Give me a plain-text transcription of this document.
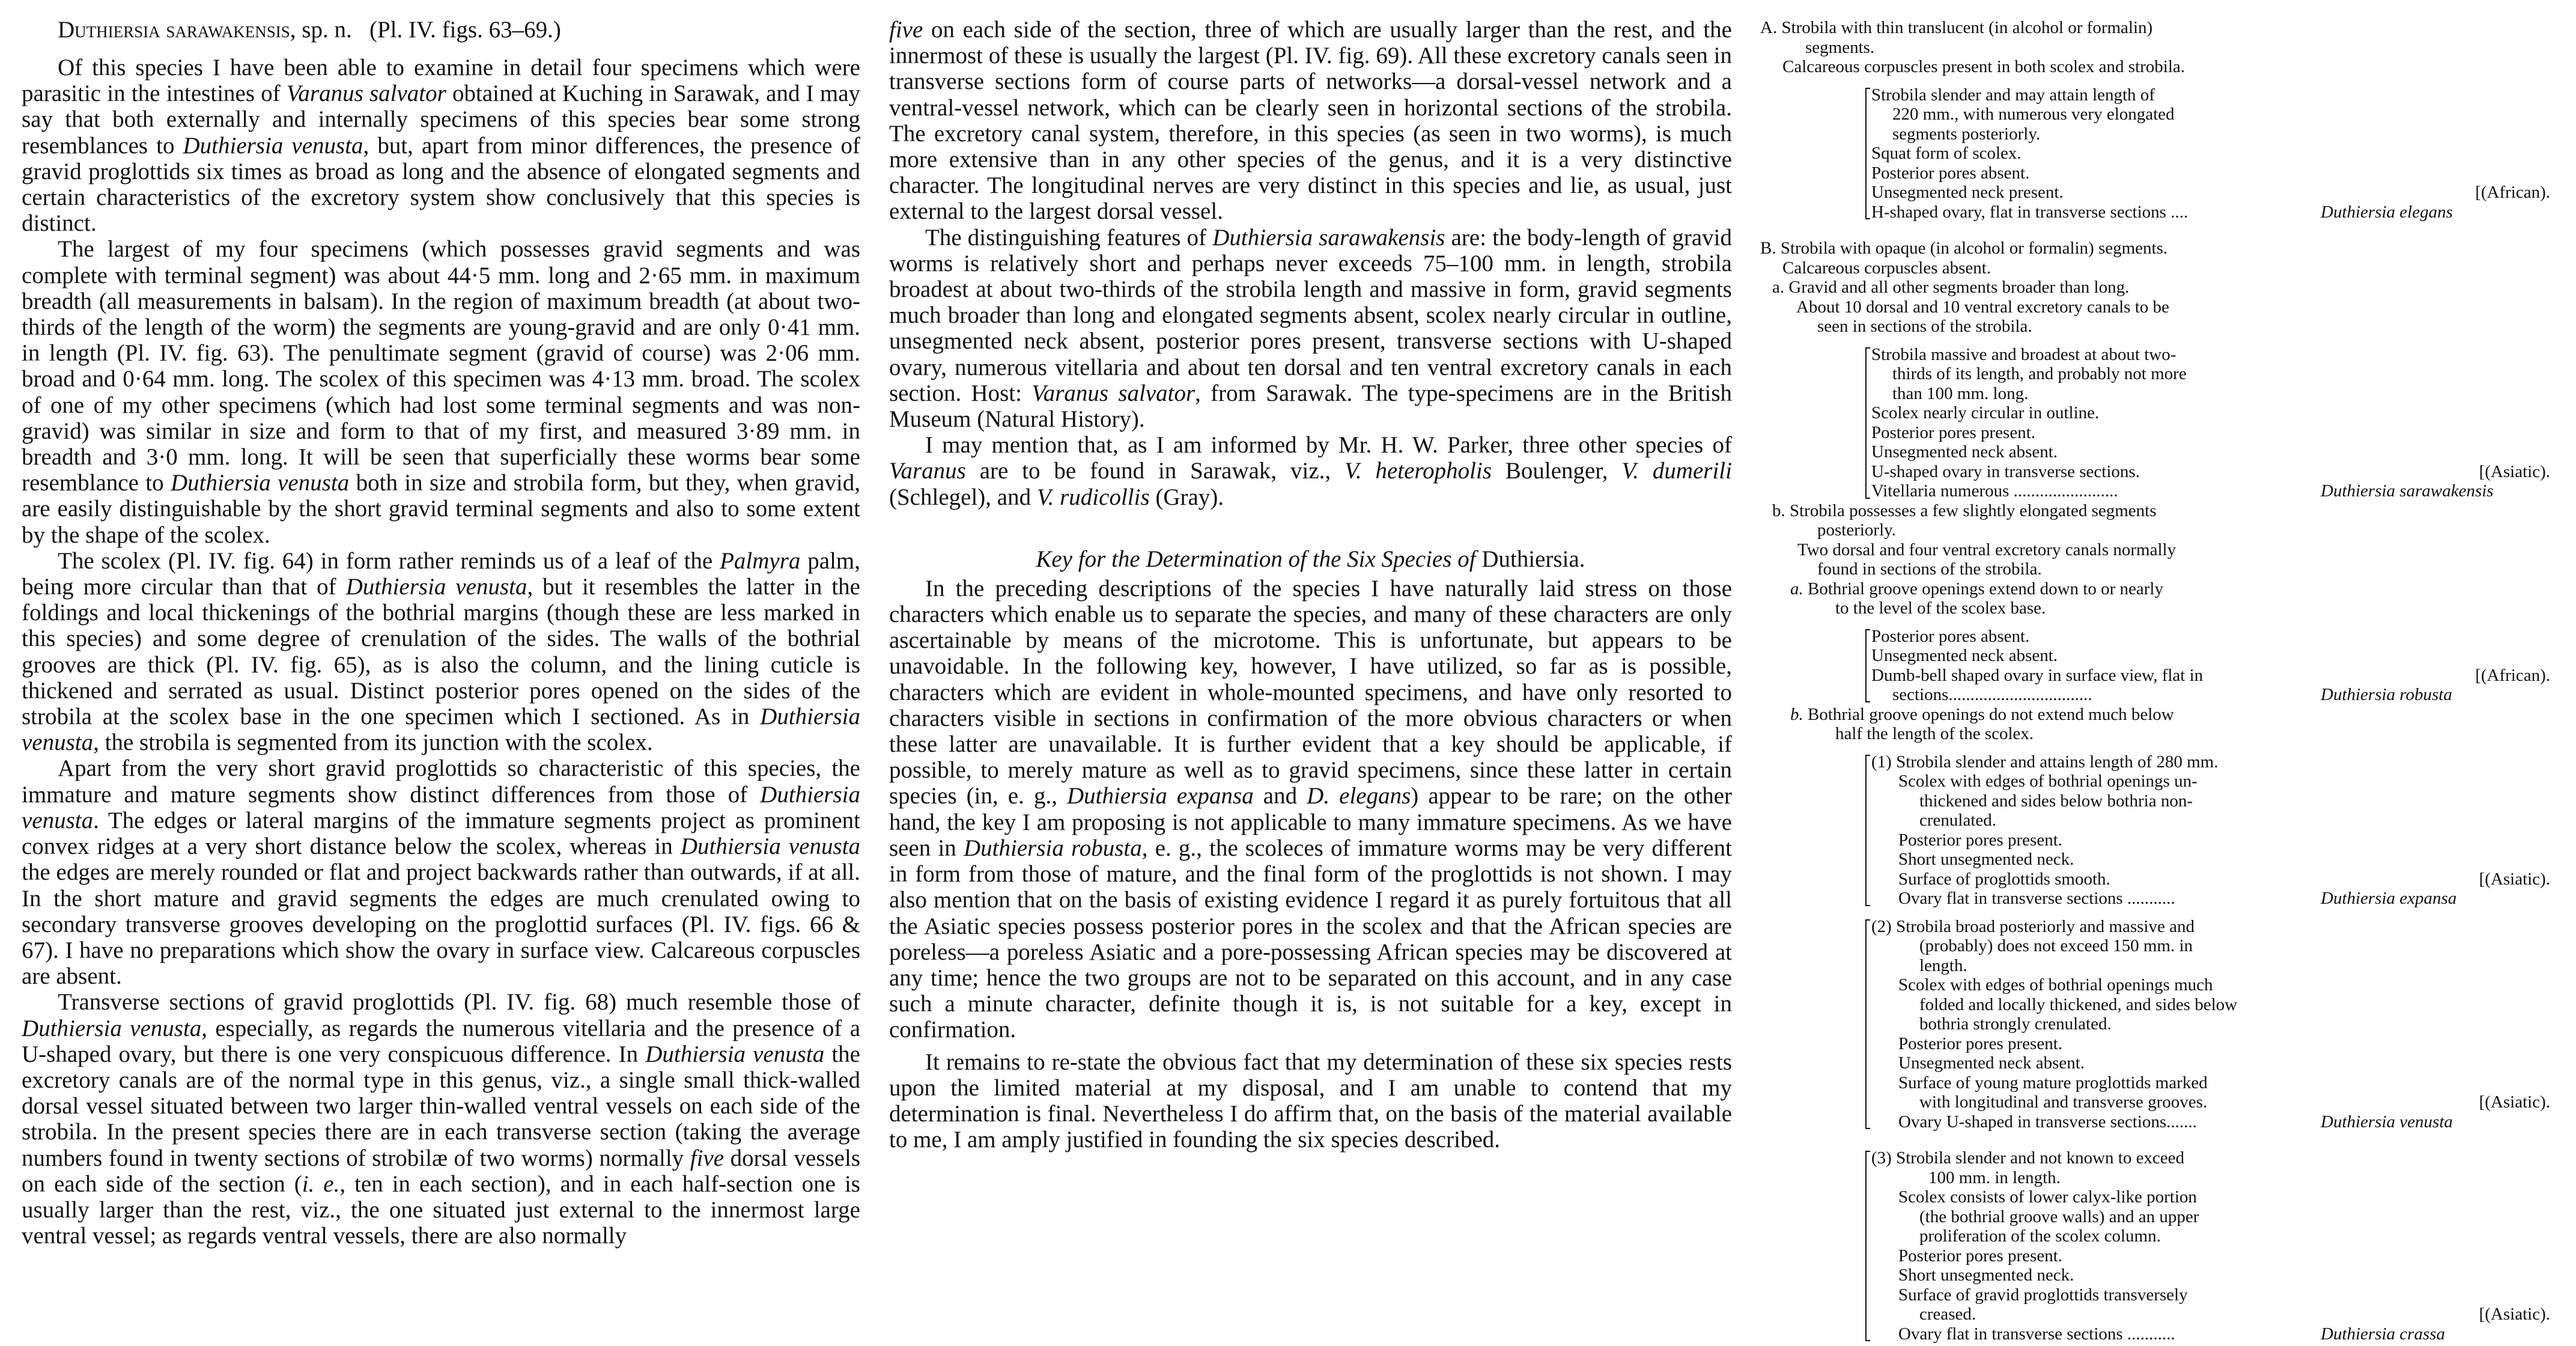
Duthiersia sarawakensis, sp. n. (Pl. IV. figs. 63–69.)

Of this species I have been able to examine in detail four specimens which were parasitic in the intestines of Varanus salvator obtained at Kuching in Sarawak, and I may say that both externally and internally specimens of this species bear some strong resemblances to Duthiersia venusta, but, apart from minor differences, the presence of gravid proglottids six times as broad as long and the absence of elongated segments and certain characteristics of the excretory system show conclusively that this species is distinct.

The largest of my four specimens (which possesses gravid segments and was complete with terminal segment) was about 44·5 mm. long and 2·65 mm. in maximum breadth (all measurements in balsam). In the region of maximum breadth (at about two-thirds of the length of the worm) the segments are young-gravid and are only 0·41 mm. in length (Pl. IV. fig. 63). The penultimate segment (gravid of course) was 2·06 mm. broad and 0·64 mm. long. The scolex of this specimen was 4·13 mm. broad. The scolex of one of my other specimens (which had lost some terminal segments and was non-gravid) was similar in size and form to that of my first, and measured 3·89 mm. in breadth and 3·0 mm. long. It will be seen that superficially these worms bear some resemblance to Duthiersia venusta both in size and strobila form, but they, when gravid, are easily distinguishable by the short gravid terminal segments and also to some extent by the shape of the scolex.

The scolex (Pl. IV. fig. 64) in form rather reminds us of a leaf of the Palmyra palm, being more circular than that of Duthiersia venusta, but it resembles the latter in the foldings and local thickenings of the bothrial margins (though these are less marked in this species) and some degree of crenulation of the sides. The walls of the bothrial grooves are thick (Pl. IV. fig. 65), as is also the column, and the lining cuticle is thickened and serrated as usual. Distinct posterior pores opened on the sides of the strobila at the scolex base in the one specimen which I sectioned. As in Duthiersia venusta, the strobila is segmented from its junction with the scolex.

Apart from the very short gravid proglottids so characteristic of this species, the immature and mature segments show distinct differences from those of Duthiersia venusta. The edges or lateral margins of the immature segments project as prominent convex ridges at a very short distance below the scolex, whereas in Duthiersia venusta the edges are merely rounded or flat and project backwards rather than outwards, if at all. In the short mature and gravid segments the edges are much crenulated owing to secondary transverse grooves developing on the proglottid surfaces (Pl. IV. figs. 66 & 67). I have no preparations which show the ovary in surface view. Calcareous corpuscles are absent.

Transverse sections of gravid proglottids (Pl. IV. fig. 68) much resemble those of Duthiersia venusta, especially, as regards the numerous vitellaria and the presence of a U-shaped ovary, but there is one very conspicuous difference. In Duthiersia venusta the excretory canals are of the normal type in this genus, viz., a single small thick-walled dorsal vessel situated between two larger thin-walled ventral vessels on each side of the strobila. In the present species there are in each transverse section (taking the average numbers found in twenty sections of strobilæ of two worms) normally five dorsal vessels on each side of the section (i. e., ten in each section), and in each half-section one is usually larger than the rest, viz., the one situated just external to the innermost large ventral vessel; as regards ventral vessels, there are also normally

five on each side of the section, three of which are usually larger than the rest, and the innermost of these is usually the largest (Pl. IV. fig. 69). All these excretory canals seen in transverse sections form of course parts of networks—a dorsal-vessel network and a ventral-vessel network, which can be clearly seen in horizontal sections of the strobila. The excretory canal system, therefore, in this species (as seen in two worms), is much more extensive than in any other species of the genus, and it is a very distinctive character. The longitudinal nerves are very distinct in this species and lie, as usual, just external to the largest dorsal vessel.

The distinguishing features of Duthiersia sarawakensis are: the body-length of gravid worms is relatively short and perhaps never exceeds 75–100 mm. in length, strobila broadest at about two-thirds of the strobila length and massive in form, gravid segments much broader than long and elongated segments absent, scolex nearly circular in outline, unsegmented neck absent, posterior pores present, transverse sections with U-shaped ovary, numerous vitellaria and about ten dorsal and ten ventral excretory canals in each section. Host: Varanus salvator, from Sarawak. The type-specimens are in the British Museum (Natural History).

I may mention that, as I am informed by Mr. H. W. Parker, three other species of Varanus are to be found in Sarawak, viz., V. heteropholis Boulenger, V. dumerili (Schlegel), and V. rudicollis (Gray).

Key for the Determination of the Six Species of Duthiersia.

In the preceding descriptions of the species I have naturally laid stress on those characters which enable us to separate the species, and many of these characters are only ascertainable by means of the microtome. This is unfortunate, but appears to be unavoidable. In the following key, however, I have utilized, so far as is possible, characters which are evident in whole-mounted specimens, and have only resorted to characters visible in sections in confirmation of the more obvious characters or when these latter are unavailable. It is further evident that a key should be applicable, if possible, to merely mature as well as to gravid specimens, since these latter in certain species (in, e. g., Duthiersia expansa and D. elegans) appear to be rare; on the other hand, the key I am proposing is not applicable to many immature specimens. As we have seen in Duthiersia robusta, e. g., the scoleces of immature worms may be very different in form from those of mature, and the final form of the proglottids is not shown. I may also mention that on the basis of existing evidence I regard it as purely fortuitous that all the Asiatic species possess posterior pores in the scolex and that the African species are poreless—a poreless Asiatic and a pore-possessing African species may be discovered at any time; hence the two groups are not to be separated on this account, and in any case such a minute character, definite though it is, is not suitable for a key, except in confirmation.

It remains to re-state the obvious fact that my determination of these six species rests upon the limited material at my disposal, and I am unable to contend that my determination is final. Nevertheless I do affirm that, on the basis of the material available to me, I am amply justified in founding the six species described.

A. Strobila with thin translucent (in alcohol or formalin)
segments.
Calcareous corpuscles present in both scolex and strobila.
Strobila slender and may attain length of
220 mm., with numerous very elongated
segments posteriorly.
Squat form of scolex.
Posterior pores absent.
Unsegmented neck present.	[(African).
H-shaped ovary, flat in transverse sections ....	Duthiersia elegans
B. Strobila with opaque (in alcohol or formalin) segments.
Calcareous corpuscles absent.
a. Gravid and all other segments broader than long.
About 10 dorsal and 10 ventral excretory canals to be
seen in sections of the strobila.
Strobila massive and broadest at about two-
thirds of its length, and probably not more
than 100 mm. long.
Scolex nearly circular in outline.
Posterior pores present.
Unsegmented neck absent.
U-shaped ovary in transverse sections.	[(Asiatic).
Vitellaria numerous ........................	Duthiersia sarawakensis
b. Strobila possesses a few slightly elongated segments
posteriorly.
Two dorsal and four ventral excretory canals normally
found in sections of the strobila.
a. Bothrial groove openings extend down to or nearly
to the level of the scolex base.
Posterior pores absent.
Unsegmented neck absent.
Dumb-bell shaped ovary in surface view, flat in	[(African).
sections.................................	Duthiersia robusta
b. Bothrial groove openings do not extend much below
half the length of the scolex.
(1) Strobila slender and attains length of 280 mm.
Scolex with edges of bothrial openings un-
thickened and sides below bothria non-
crenulated.
Posterior pores present.
Short unsegmented neck.
Surface of proglottids smooth.	[(Asiatic).
Ovary flat in transverse sections ...........	Duthiersia expansa
(2) Strobila broad posteriorly and massive and
(probably) does not exceed 150 mm. in
length.
Scolex with edges of bothrial openings much
folded and locally thickened, and sides below
bothria strongly crenulated.
Posterior pores present.
Unsegmented neck absent.
Surface of young mature proglottids marked
with longitudinal and transverse grooves.	[(Asiatic).
Ovary U-shaped in transverse sections.......	Duthiersia venusta
(3) Strobila slender and not known to exceed
100 mm. in length.
Scolex consists of lower calyx-like portion
(the bothrial groove walls) and an upper
proliferation of the scolex column.
Posterior pores present.
Short unsegmented neck.
Surface of gravid proglottids transversely
creased.	[(Asiatic).
Ovary flat in transverse sections ...........	Duthiersia crassa
